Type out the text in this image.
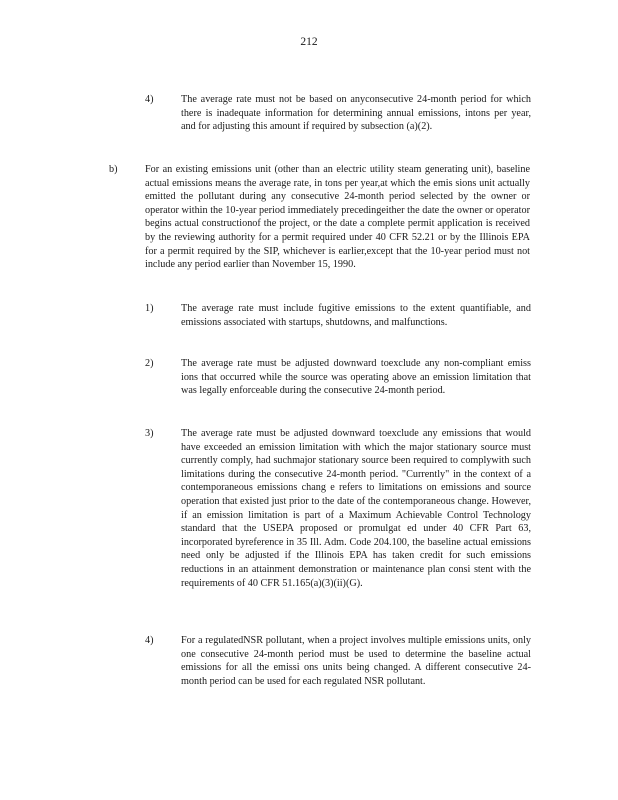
212
4)	The average rate must not be based on anyconsecutive 24-month period for which there is inadequate information for determining annual emissions, intons per year, and for adjusting this amount if required by subsection (a)(2).

b)	For an existing emissions unit (other than an electric utility steam generating unit), baseline actual emissions means the average rate, in tons per year,at which the emis sions unit actually emitted the pollutant during any consecutive 24-month period selected by the owner or operator within the 10-year period immediately precedingeither the date the owner or operator begins actual constructionof the project, or the date a complete permit application is received by the reviewing authority for a permit required under 40 CFR 52.21 or by the Illinois EPA for a permit required by the SIP, whichever is earlier,except that the 10-year period must not include any period earlier than November 15, 1990.

1)	The average rate must include fugitive emissions to the extent quantifiable, and emissions associated with startups, shutdowns, and malfunctions.

2)	The average rate must be adjusted downward toexclude any non-compliant emiss ions that occurred while the source was operating above an emission limitation that was legally enforceable during the consecutive 24-month period.

3)	The average rate must be adjusted downward toexclude any emissions that would have exceeded an emission limitation with which the major stationary source must currently comply, had suchmajor stationary source been required to complywith such limitations during the consecutive 24-month period. "Currently" in the context of a contemporaneous emissions chang e refers to limitations on emissions and source operation that existed just prior to the date of the contemporaneous change. However, if an emission limitation is part of a Maximum Achievable Control Technology standard that the USEPA proposed or promulgat ed under 40 CFR Part 63, incorporated byreference in 35 Ill. Adm. Code 204.100, the baseline actual emissions need only be adjusted if the Illinois EPA has taken credit for such emissions reductions in an attainment demonstration or maintenance plan consi stent with the requirements of 40 CFR 51.165(a)(3)(ii)(G).

4)	For a regulatedNSR pollutant, when a project involves multiple emissions units, only one consecutive 24-month period must be used to determine the baseline actual emissions for all the emissi ons units being changed. A different consecutive 24-month period can be used for each regulated NSR pollutant.
